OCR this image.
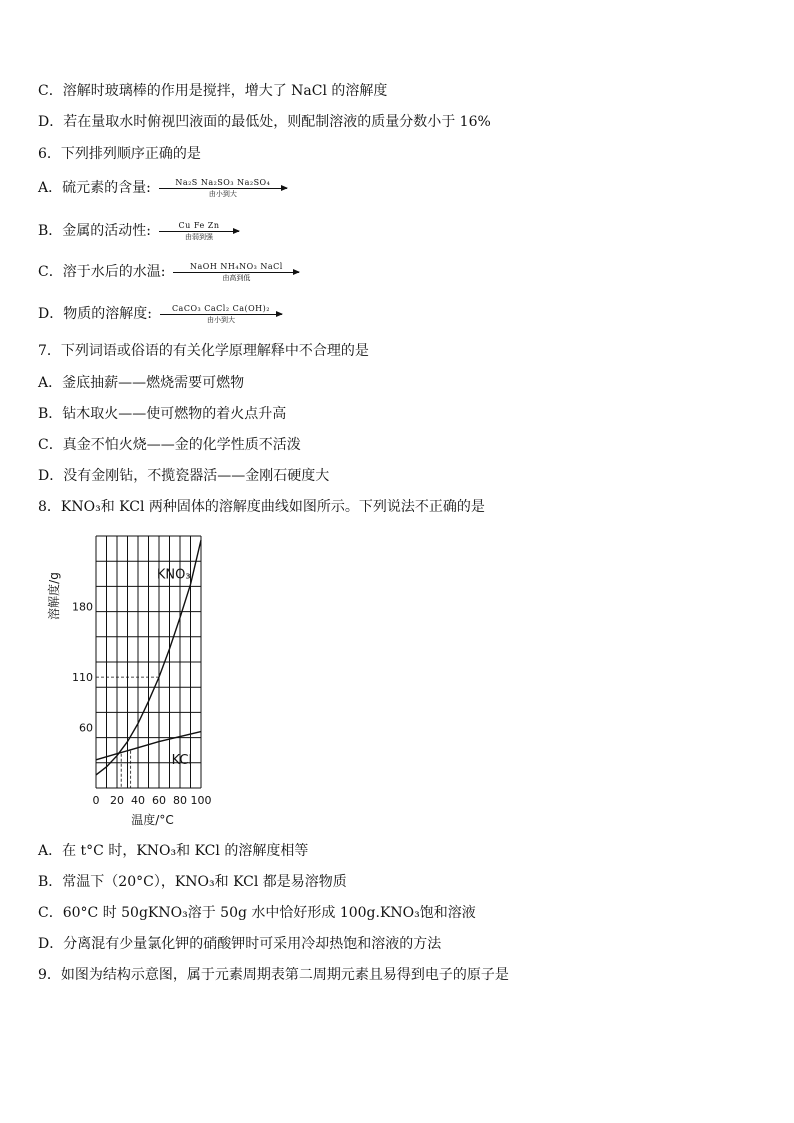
C．溶解时玻璃棒的作用是搅拌，增大了 NaCl 的溶解度
D．若在量取水时俯视凹液面的最低处，则配制溶液的质量分数小于 16%
6．下列排列顺序正确的是
A．硫元素的含量:	Na₂S Na₂SO₃ Na₂SO₄
由小到大
B．金属的活动性:	Cu Fe Zn
由弱到强
C．溶于水后的水温:	NaOH NH₄NO₃ NaCl
由高到低
D．物质的溶解度:	CaCO₃ CaCl₂ Ca(OH)₂
由小到大
7．下列词语或俗语的有关化学原理解释中不合理的是
A．釜底抽薪——燃烧需要可燃物
B．钻木取火——使可燃物的着火点升高
C．真金不怕火烧——金的化学性质不活泼
D．没有金刚钻，不揽瓷器活——金刚石硬度大
8．KNO₃和 KCl 两种固体的溶解度曲线如图所示。下列说法不正确的是
0 20 40 60 80 100
60
110
180
温度/°C
溶解度/g	KNO₃
KCl
A．在 t°C 时，KNO₃和 KCl 的溶解度相等
B．常温下（20°C），KNO₃和 KCl 都是易溶物质
C．60°C 时 50gKNO₃溶于 50g 水中恰好形成 100g.KNO₃饱和溶液
D．分离混有少量氯化钾的硝酸钾时可采用冷却热饱和溶液的方法
9．如图为结构示意图，属于元素周期表第二周期元素且易得到电子的原子是
